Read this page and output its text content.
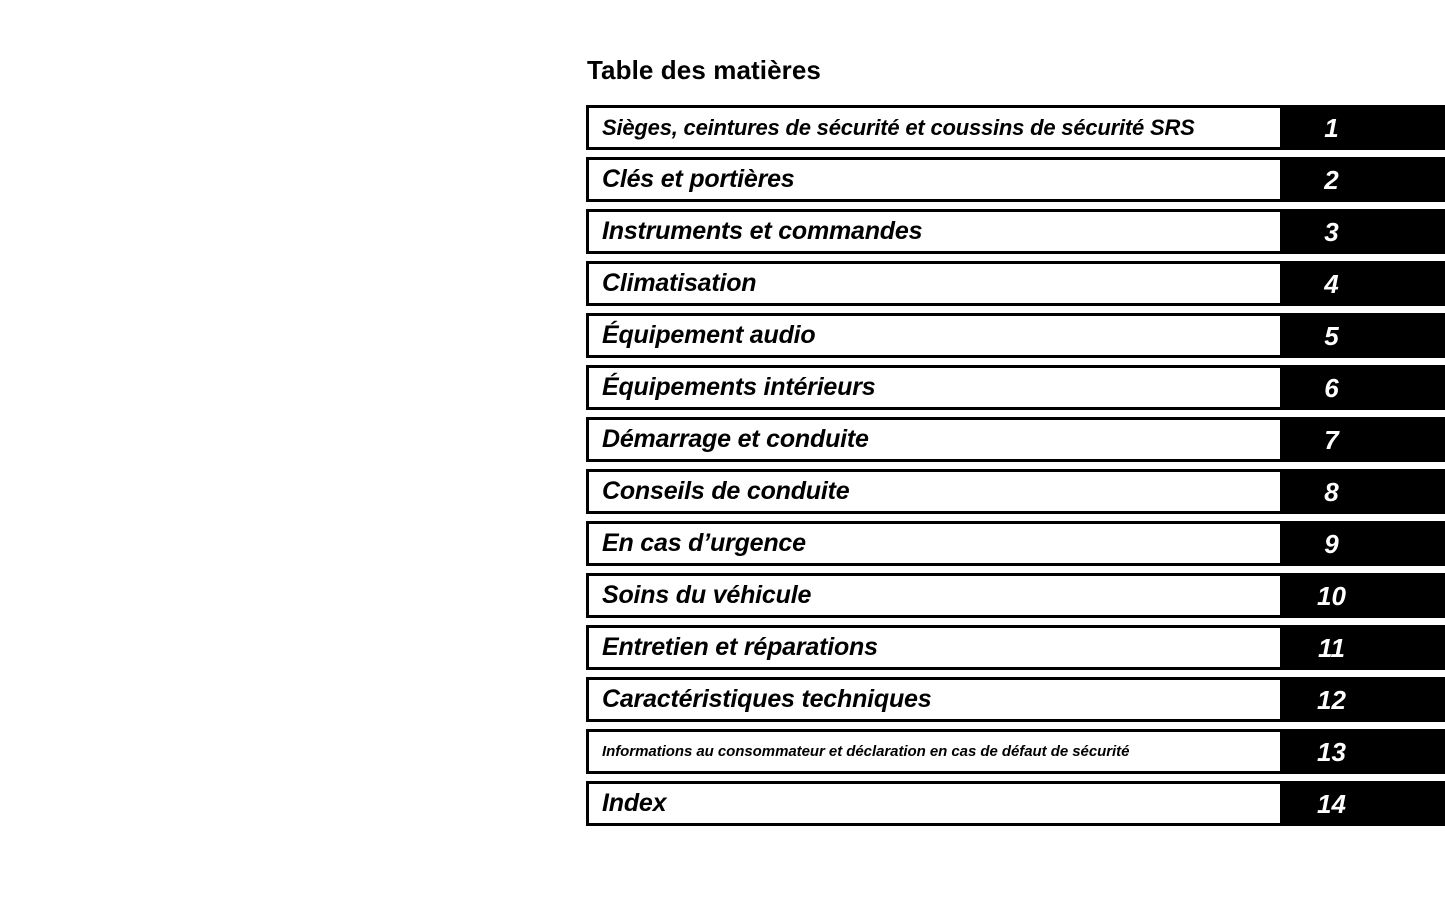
Table des matières
Sièges, ceintures de sécurité et coussins de sécurité SRS	1
Clés et portières	2
Instruments et commandes	3
Climatisation	4
Équipement audio	5
Équipements intérieurs	6
Démarrage et conduite	7
Conseils de conduite	8
En cas d’urgence	9
Soins du véhicule	10
Entretien et réparations	11
Caractéristiques techniques	12
Informations au consommateur et déclaration en cas de défaut de sécurité	13
Index	14
